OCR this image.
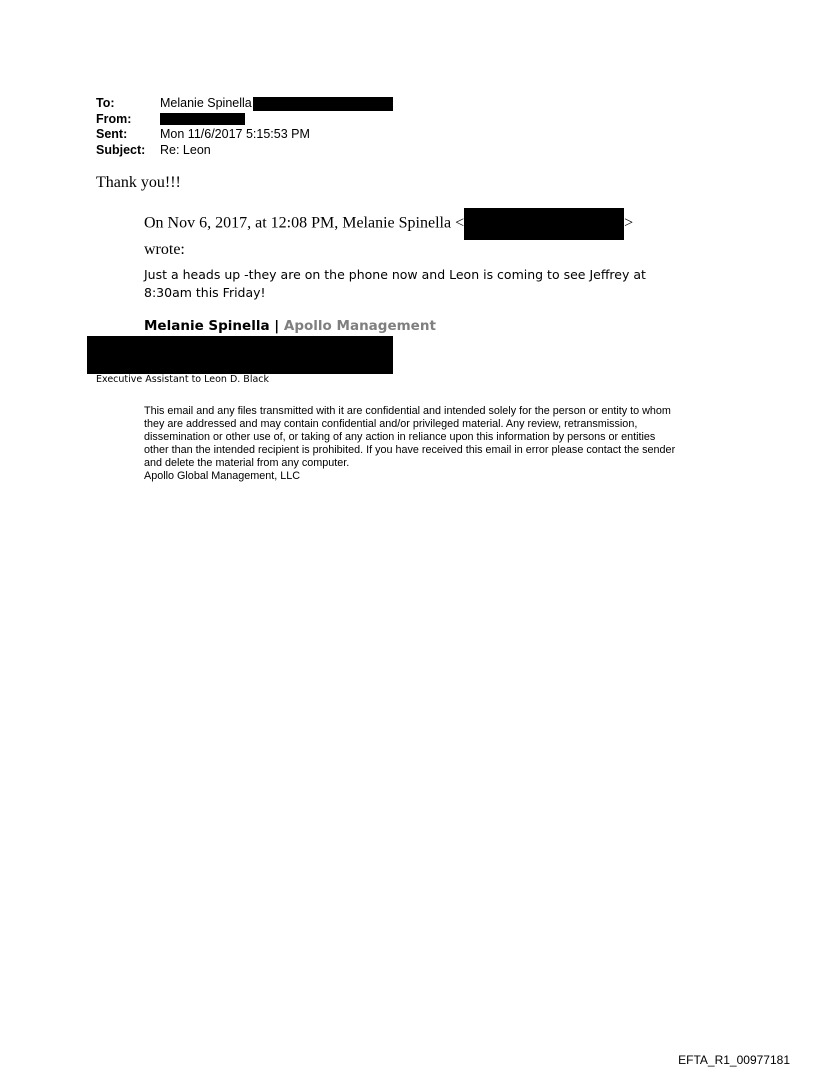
To:	Melanie Spinella
From:
Sent:	Mon 11/6/2017 5:15:53 PM
Subject:	Re: Leon
Thank you!!!
On Nov 6, 2017, at 12:08 PM, Melanie Spinella <	>
wrote:
Just a heads up -they are on the phone now and Leon is coming to see Jeffrey at 8:30am this Friday!
Melanie Spinella | Apollo Management
Executive Assistant to Leon D. Black
This email and any files transmitted with it are confidential and intended solely for the person or entity to whom they are addressed and may contain confidential and/or privileged material. Any review, retransmission, dissemination or other use of, or taking of any action in reliance upon this information by persons or entities other than the intended recipient is prohibited. If you have received this email in error please contact the sender and delete the material from any computer.
Apollo Global Management, LLC
EFTA_R1_00977181
